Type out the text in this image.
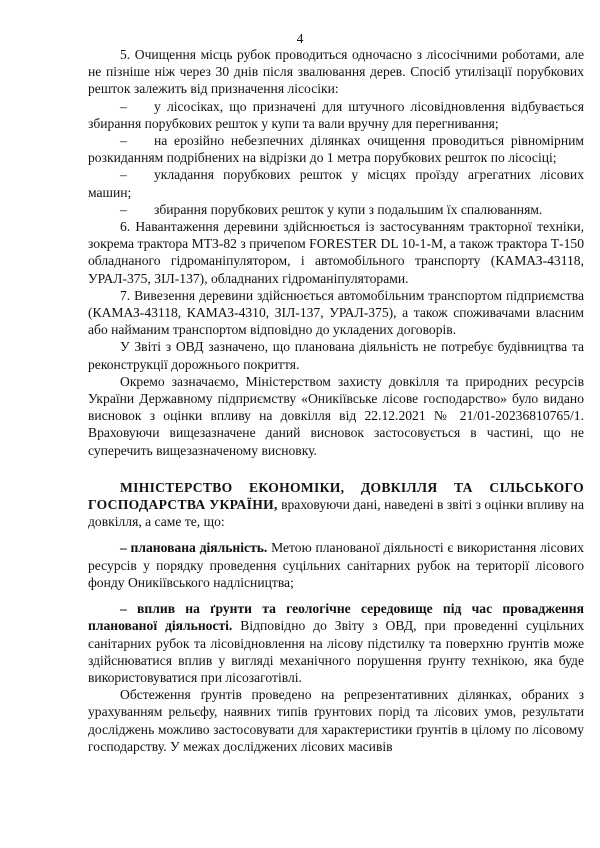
4

5. Очищення місць рубок проводиться одночасно з лісосічними роботами, але не пізніше ніж через 30 днів після звалювання дерев. Спосіб утилізації порубкових решток залежить від призначення лісосіки:

– у лісосіках, що призначені для штучного лісовідновлення відбувається збирання порубкових решток у купи та вали вручну для перегнивання;

– на ерозійно небезпечних ділянках очищення проводиться рівномірним розкиданням подрібнених на відрізки до 1 метра порубкових решток по лісосіці;

– укладання порубкових решток у місцях проїзду агрегатних лісових машин;

– збирання порубкових решток у купи з подальшим їх спалюванням.

6. Навантаження деревини здійснюється із застосуванням тракторної техніки, зокрема трактора МТЗ-82 з причепом FORESTER DL 10-1-М, а також трактора Т-150 обладнаного гідроманіпулятором, і автомобільного транспорту (КАМАЗ-43118, УРАЛ-375, ЗІЛ-137), обладнаних гідроманіпуляторами.

7. Вивезення деревини здійснюється автомобільним транспортом підприємства (КАМАЗ-43118, КАМАЗ-4310, ЗІЛ-137, УРАЛ-375), а також споживачами власним або найманим транспортом відповідно до укладених договорів.

У Звіті з ОВД зазначено, що планована діяльність не потребує будівництва та реконструкції дорожнього покриття.

Окремо зазначаємо, Міністерством захисту довкілля та природних ресурсів України Державному підприємству «Оникіївське лісове господарство» було видано висновок з оцінки впливу на довкілля від 22.12.2021 № 21/01-20236810765/1. Враховуючи вищезазначене даний висновок застосовується в частині, що не суперечить вищезазначеному висновку.

МІНІСТЕРСТВО ЕКОНОМІКИ, ДОВКІЛЛЯ ТА СІЛЬСЬКОГО ГОСПОДАРСТВА УКРАЇНИ, враховуючи дані, наведені в звіті з оцінки впливу на довкілля, а саме те, що:

– планована діяльність. Метою планованої діяльності є використання лісових ресурсів у порядку проведення суцільних санітарних рубок на території лісового фонду Оникіївського надлісництва;

– вплив на ґрунти та геологічне середовище під час провадження планованої діяльності. Відповідно до Звіту з ОВД, при проведенні суцільних санітарних рубок та лісовідновлення на лісову підстилку та поверхню ґрунтів може здійснюватися вплив у вигляді механічного порушення ґрунту технікою, яка буде використовуватися при лісозаготівлі.

Обстеження ґрунтів проведено на репрезентативних ділянках, обраних з урахуванням рельєфу, наявних типів ґрунтових порід та лісових умов, результати досліджень можливо застосовувати для характеристики ґрунтів в цілому по лісовому господарству. У межах досліджених лісових масивів
